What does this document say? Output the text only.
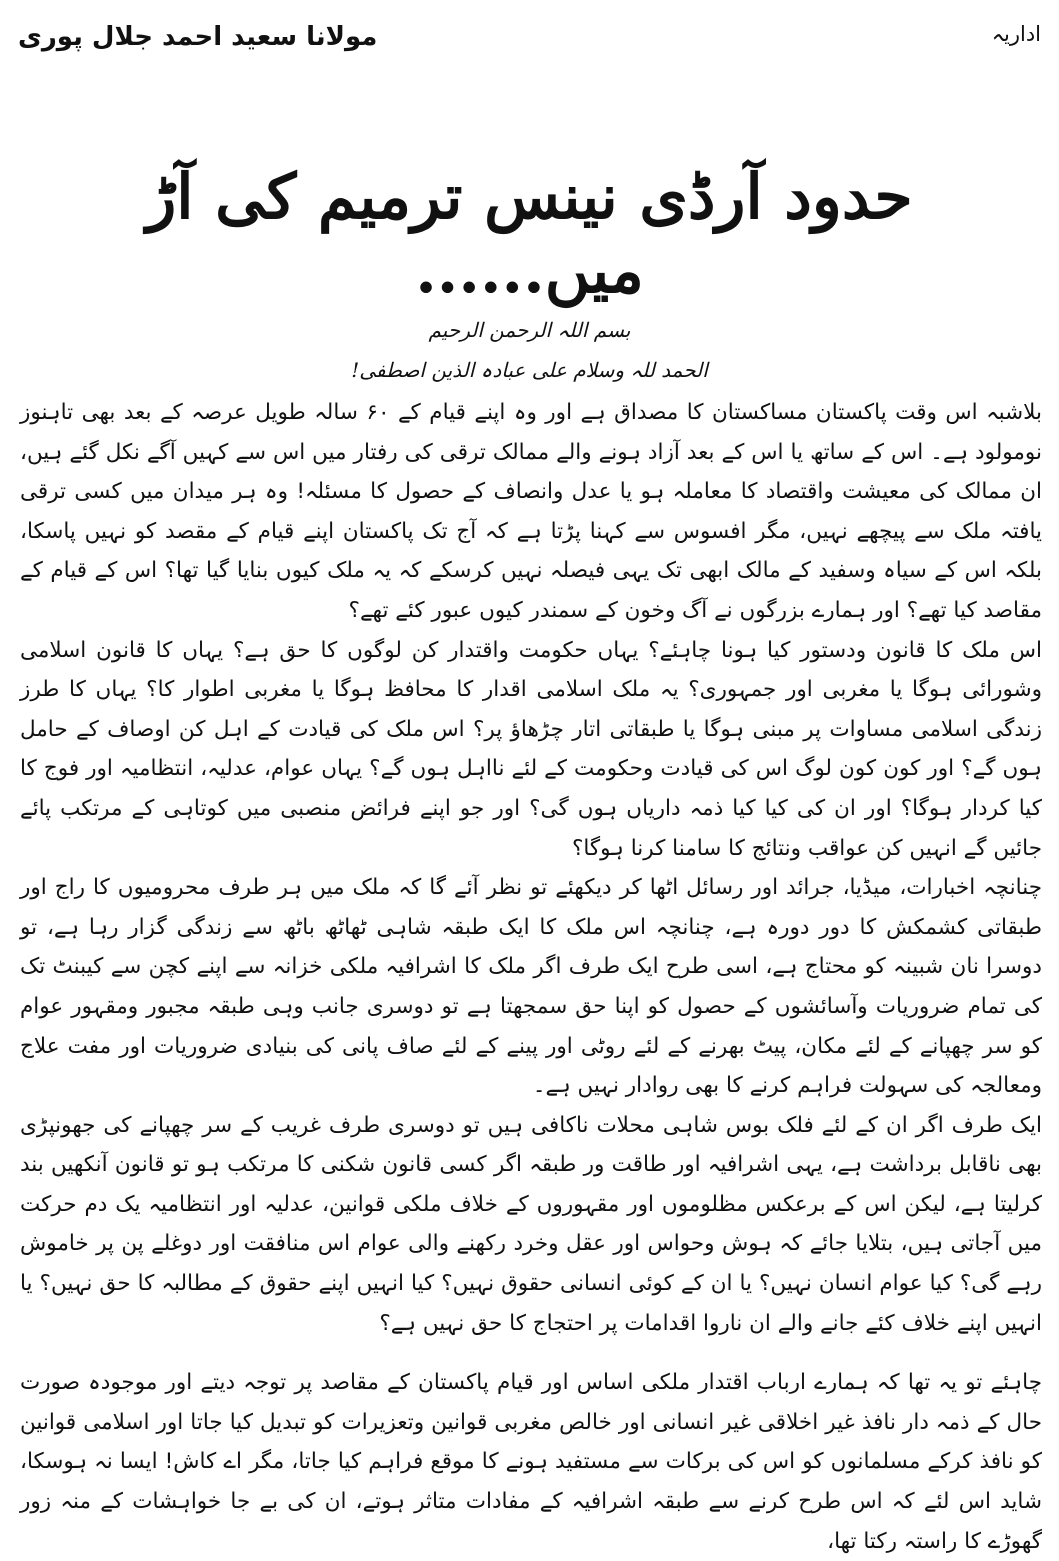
اداریہ
مولانا سعید احمد جلال پوری
حدود آرڈی نینس ترمیم کی آڑ میں......
بسم اللہ الرحمن الرحیم
الحمد للہ وسلام علی عبادہ الذین اصطفی!

بلاشبہ اس وقت پاکستان مساکستان کا مصداق ہے اور وہ اپنے قیام کے ۶۰ سالہ طویل عرصہ کے بعد بھی تاہنوز نومولود ہے۔ اس کے ساتھ یا اس کے بعد آزاد ہونے والے ممالک ترقی کی رفتار میں اس سے کہیں آگے نکل گئے ہیں، ان ممالک کی معیشت واقتصاد کا معاملہ ہو یا عدل وانصاف کے حصول کا مسئلہ! وہ ہر میدان میں کسی ترقی یافتہ ملک سے پیچھے نہیں، مگر افسوس سے کہنا پڑتا ہے کہ آج تک پاکستان اپنے قیام کے مقصد کو نہیں پاسکا، بلکہ اس کے سیاہ وسفید کے مالک ابھی تک یہی فیصلہ نہیں کرسکے کہ یہ ملک کیوں بنایا گیا تھا؟ اس کے قیام کے مقاصد کیا تھے؟ اور ہمارے بزرگوں نے آگ وخون کے سمندر کیوں عبور کئے تھے؟

اس ملک کا قانون ودستور کیا ہونا چاہئے؟ یہاں حکومت واقتدار کن لوگوں کا حق ہے؟ یہاں کا قانون اسلامی وشورائی ہوگا یا مغربی اور جمہوری؟ یہ ملک اسلامی اقدار کا محافظ ہوگا یا مغربی اطوار کا؟ یہاں کا طرز زندگی اسلامی مساوات پر مبنی ہوگا یا طبقاتی اتار چڑھاؤ پر؟ اس ملک کی قیادت کے اہل کن اوصاف کے حامل ہوں گے؟ اور کون کون لوگ اس کی قیادت وحکومت کے لئے نااہل ہوں گے؟ یہاں عوام، عدلیہ، انتظامیہ اور فوج کا کیا کردار ہوگا؟ اور ان کی کیا کیا ذمہ داریاں ہوں گی؟ اور جو اپنے فرائض منصبی میں کوتاہی کے مرتکب پائے جائیں گے انہیں کن عواقب ونتائج کا سامنا کرنا ہوگا؟

چنانچہ اخبارات، میڈیا، جرائد اور رسائل اٹھا کر دیکھئے تو نظر آئے گا کہ ملک میں ہر طرف محرومیوں کا راج اور طبقاتی کشمکش کا دور دورہ ہے، چنانچہ اس ملک کا ایک طبقہ شاہی ٹھاٹھ باٹھ سے زندگی گزار رہا ہے، تو دوسرا نان شبینہ کو محتاج ہے، اسی طرح ایک طرف اگر ملک کا اشرافیہ ملکی خزانہ سے اپنے کچن سے کیبنٹ تک کی تمام ضروریات وآسائشوں کے حصول کو اپنا حق سمجھتا ہے تو دوسری جانب وہی طبقہ مجبور ومقہور عوام کو سر چھپانے کے لئے مکان، پیٹ بھرنے کے لئے روٹی اور پینے کے لئے صاف پانی کی بنیادی ضروریات اور مفت علاج ومعالجہ کی سہولت فراہم کرنے کا بھی روادار نہیں ہے۔

ایک طرف اگر ان کے لئے فلک بوس شاہی محلات ناکافی ہیں تو دوسری طرف غریب کے سر چھپانے کی جھونپڑی بھی ناقابل برداشت ہے، یہی اشرافیہ اور طاقت ور طبقہ اگر کسی قانون شکنی کا مرتکب ہو تو قانون آنکھیں بند کرلیتا ہے، لیکن اس کے برعکس مظلوموں اور مقہوروں کے خلاف ملکی قوانین، عدلیہ اور انتظامیہ یک دم حرکت میں آجاتی ہیں، بتلایا جائے کہ ہوش وحواس اور عقل وخرد رکھنے والی عوام اس منافقت اور دوغلے پن پر خاموش رہے گی؟ کیا عوام انسان نہیں؟ یا ان کے کوئی انسانی حقوق نہیں؟ کیا انہیں اپنے حقوق کے مطالبہ کا حق نہیں؟ یا انہیں اپنے خلاف کئے جانے والے ان ناروا اقدامات پر احتجاج کا حق نہیں ہے؟

چاہئے تو یہ تھا کہ ہمارے ارباب اقتدار ملکی اساس اور قیام پاکستان کے مقاصد پر توجہ دیتے اور موجودہ صورت حال کے ذمہ دار نافذ غیر اخلاقی غیر انسانی اور خالص مغربی قوانین وتعزیرات کو تبدیل کیا جاتا اور اسلامی قوانین کو نافذ کرکے مسلمانوں کو اس کی برکات سے مستفید ہونے کا موقع فراہم کیا جاتا، مگر اے کاش! ایسا نہ ہوسکا، شاید اس لئے کہ اس طرح کرنے سے طبقہ اشرافیہ کے مفادات متاثر ہوتے، ان کی بے جا خواہشات کے منہ زور گھوڑے کا راستہ رکتا تھا،
